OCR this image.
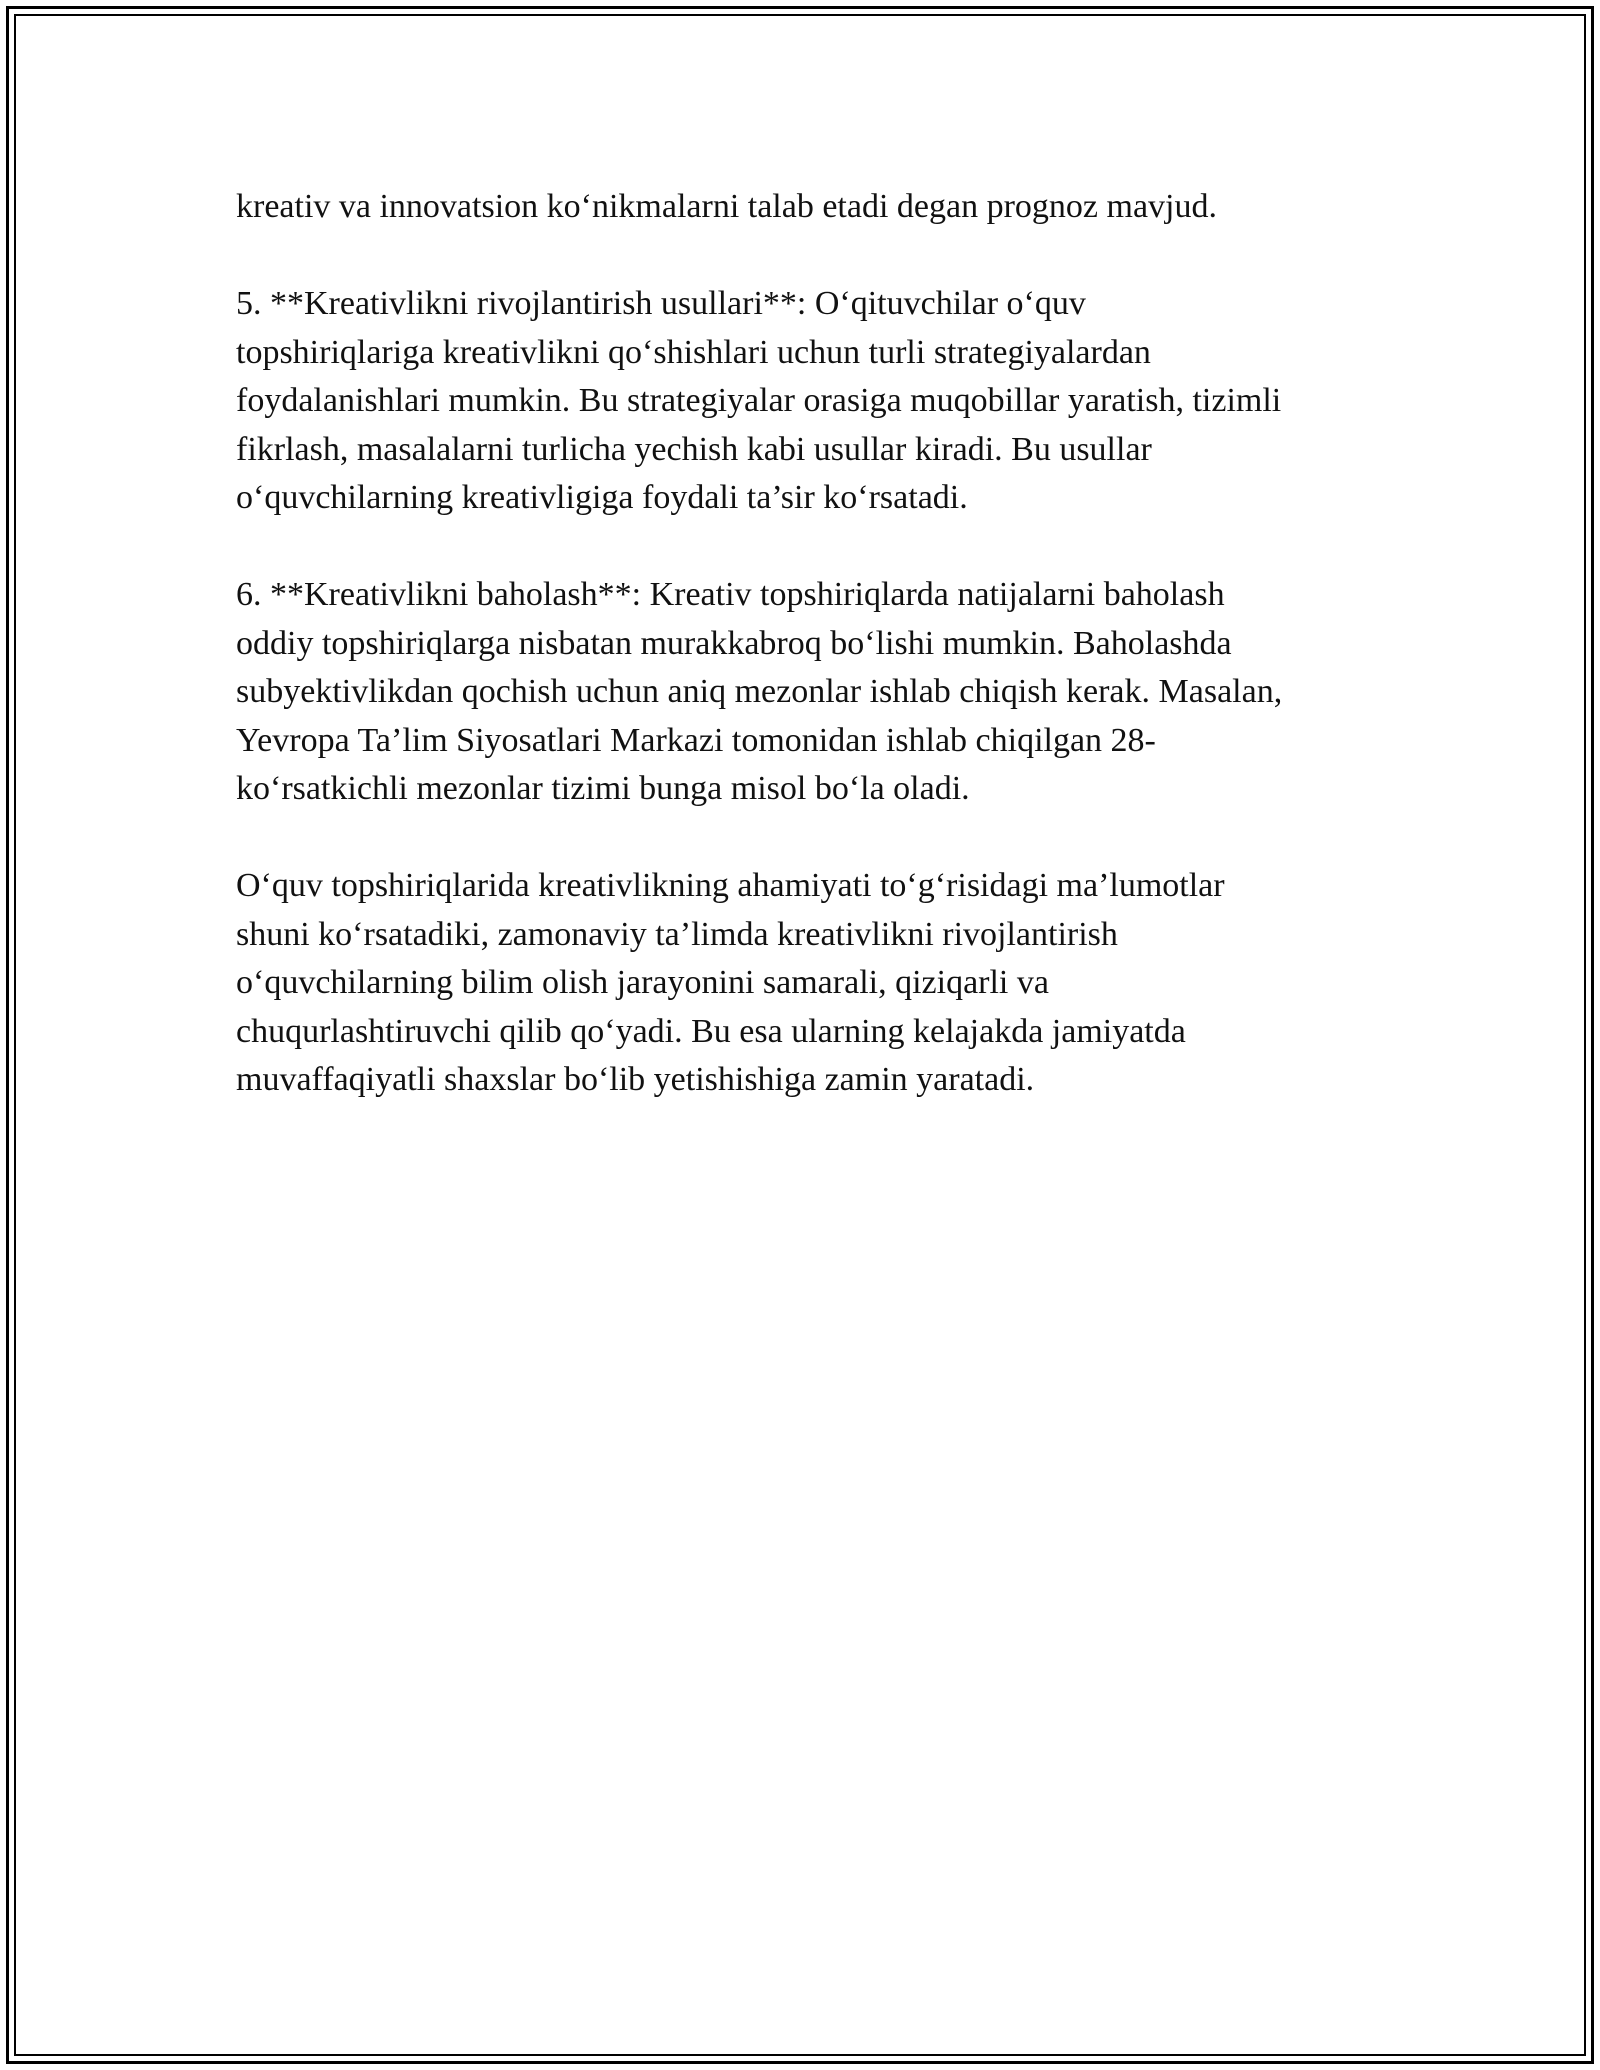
kreativ va innovatsion ko‘nikmalarni talab etadi degan prognoz mavjud.

5. **Kreativlikni rivojlantirish usullari**: O‘qituvchilar o‘quv
topshiriqlariga kreativlikni qo‘shishlari uchun turli strategiyalardan
foydalanishlari mumkin. Bu strategiyalar orasiga muqobillar yaratish, tizimli
fikrlash, masalalarni turlicha yechish kabi usullar kiradi. Bu usullar
o‘quvchilarning kreativligiga foydali ta’sir ko‘rsatadi.

6. **Kreativlikni baholash**: Kreativ topshiriqlarda natijalarni baholash
oddiy topshiriqlarga nisbatan murakkabroq bo‘lishi mumkin. Baholashda
subyektivlikdan qochish uchun aniq mezonlar ishlab chiqish kerak. Masalan,
Yevropa Ta’lim Siyosatlari Markazi tomonidan ishlab chiqilgan 28-
ko‘rsatkichli mezonlar tizimi bunga misol bo‘la oladi.

O‘quv topshiriqlarida kreativlikning ahamiyati to‘g‘risidagi ma’lumotlar
shuni ko‘rsatadiki, zamonaviy ta’limda kreativlikni rivojlantirish
o‘quvchilarning bilim olish jarayonini samarali, qiziqarli va
chuqurlashtiruvchi qilib qo‘yadi. Bu esa ularning kelajakda jamiyatda
muvaffaqiyatli shaxslar bo‘lib yetishishiga zamin yaratadi.
